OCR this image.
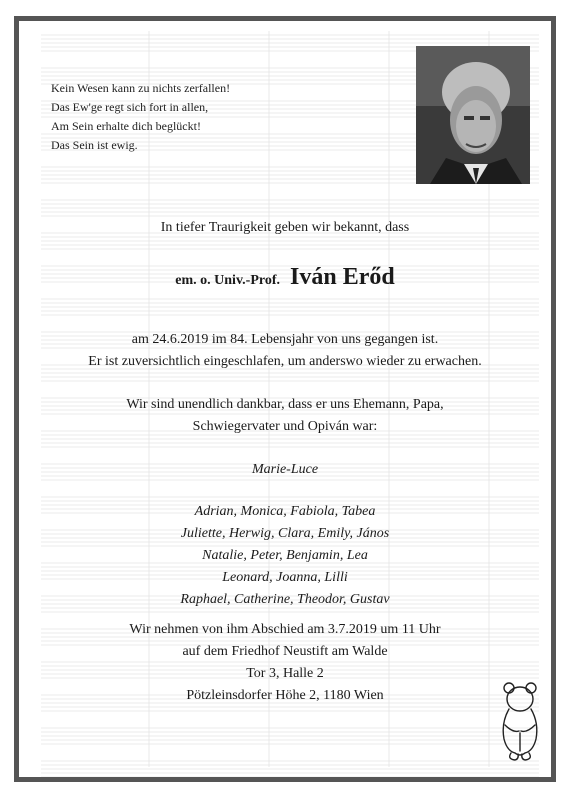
Kein Wesen kann zu nichts zerfallen!
Das Ew'ge regt sich fort in allen,
Am Sein erhalte dich beglückt!
Das Sein ist ewig.
In tiefer Traurigkeit geben wir bekannt, dass
em. o. Univ.-Prof. Iván Erőd
am 24.6.2019 im 84. Lebensjahr von uns gegangen ist.
Er ist zuversichtlich eingeschlafen, um anderswo wieder zu erwachen.
Wir sind unendlich dankbar, dass er uns Ehemann, Papa,
Schwiegervater und Opiván war:
Marie-Luce
Adrian, Monica, Fabiola, Tabea
Juliette, Herwig, Clara, Emily, János
Natalie, Peter, Benjamin, Lea
Leonard, Joanna, Lilli
Raphael, Catherine, Theodor, Gustav
Wir nehmen von ihm Abschied am 3.7.2019 um 11 Uhr
auf dem Friedhof Neustift am Walde
Tor 3, Halle 2
Pötzleinsdorfer Höhe 2, 1180 Wien
